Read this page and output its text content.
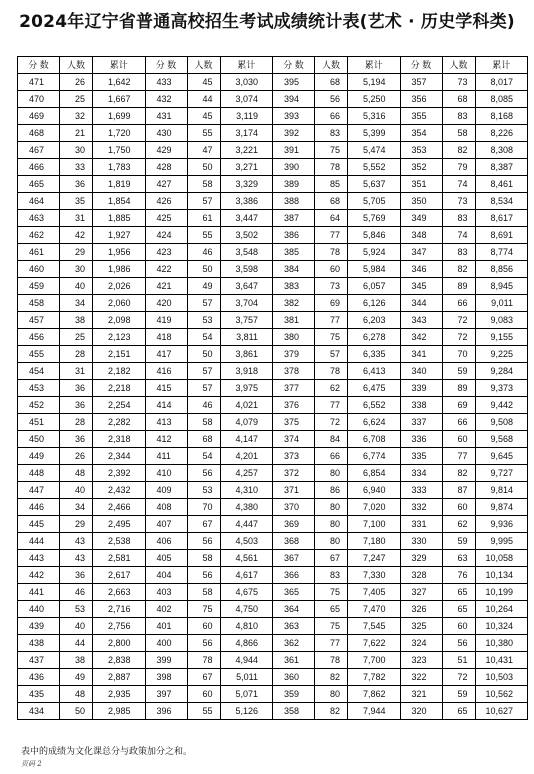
2024年辽宁省普通高校招生考试成绩统计表(艺术 · 历史学科类)
分 数	人数	累计	分 数	人数	累计	分 数	人数	累计	分 数	人数	累计
471	26	1,642	433	45	3,030	395	68	5,194	357	73	8,017
470	25	1,667	432	44	3,074	394	56	5,250	356	68	8,085
469	32	1,699	431	45	3,119	393	66	5,316	355	83	8,168
468	21	1,720	430	55	3,174	392	83	5,399	354	58	8,226
467	30	1,750	429	47	3,221	391	75	5,474	353	82	8,308
466	33	1,783	428	50	3,271	390	78	5,552	352	79	8,387
465	36	1,819	427	58	3,329	389	85	5,637	351	74	8,461
464	35	1,854	426	57	3,386	388	68	5,705	350	73	8,534
463	31	1,885	425	61	3,447	387	64	5,769	349	83	8,617
462	42	1,927	424	55	3,502	386	77	5,846	348	74	8,691
461	29	1,956	423	46	3,548	385	78	5,924	347	83	8,774
460	30	1,986	422	50	3,598	384	60	5,984	346	82	8,856
459	40	2,026	421	49	3,647	383	73	6,057	345	89	8,945
458	34	2,060	420	57	3,704	382	69	6,126	344	66	9,011
457	38	2,098	419	53	3,757	381	77	6,203	343	72	9,083
456	25	2,123	418	54	3,811	380	75	6,278	342	72	9,155
455	28	2,151	417	50	3,861	379	57	6,335	341	70	9,225
454	31	2,182	416	57	3,918	378	78	6,413	340	59	9,284
453	36	2,218	415	57	3,975	377	62	6,475	339	89	9,373
452	36	2,254	414	46	4,021	376	77	6,552	338	69	9,442
451	28	2,282	413	58	4,079	375	72	6,624	337	66	9,508
450	36	2,318	412	68	4,147	374	84	6,708	336	60	9,568
449	26	2,344	411	54	4,201	373	66	6,774	335	77	9,645
448	48	2,392	410	56	4,257	372	80	6,854	334	82	9,727
447	40	2,432	409	53	4,310	371	86	6,940	333	87	9,814
446	34	2,466	408	70	4,380	370	80	7,020	332	60	9,874
445	29	2,495	407	67	4,447	369	80	7,100	331	62	9,936
444	43	2,538	406	56	4,503	368	80	7,180	330	59	9,995
443	43	2,581	405	58	4,561	367	67	7,247	329	63	10,058
442	36	2,617	404	56	4,617	366	83	7,330	328	76	10,134
441	46	2,663	403	58	4,675	365	75	7,405	327	65	10,199
440	53	2,716	402	75	4,750	364	65	7,470	326	65	10,264
439	40	2,756	401	60	4,810	363	75	7,545	325	60	10,324
438	44	2,800	400	56	4,866	362	77	7,622	324	56	10,380
437	38	2,838	399	78	4,944	361	78	7,700	323	51	10,431
436	49	2,887	398	67	5,011	360	82	7,782	322	72	10,503
435	48	2,935	397	60	5,071	359	80	7,862	321	59	10,562
434	50	2,985	396	55	5,126	358	82	7,944	320	65	10,627
表中的成绩为文化课总分与政策加分之和。
页码 2
